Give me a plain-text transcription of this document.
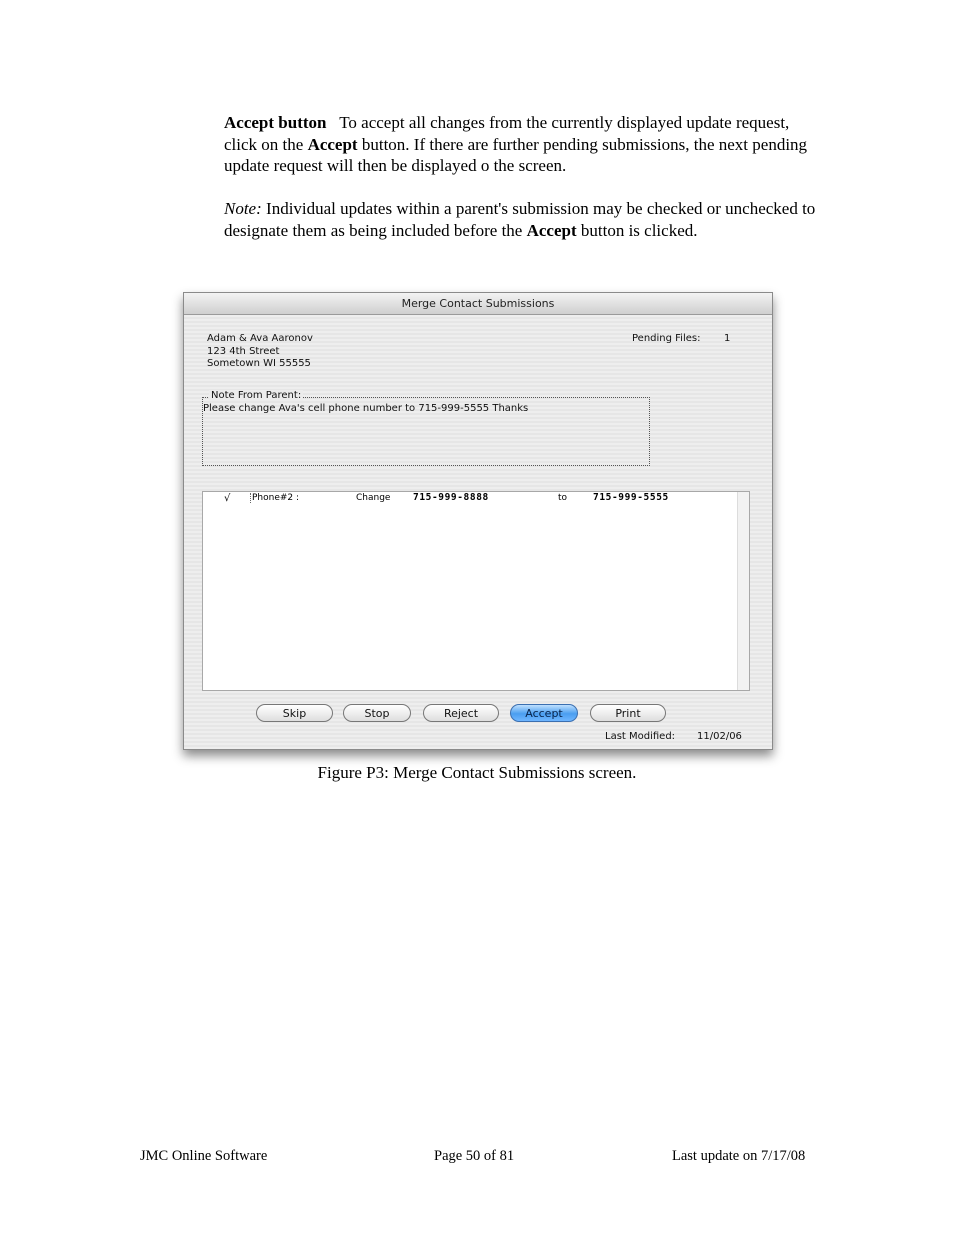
Accept button To accept all changes from the currently displayed update request, click on the Accept button. If there are further pending submissions, the next pending update request will then be displayed o the screen.
Note: Individual updates within a parent's submission may be checked or unchecked to designate them as being included before the Accept button is clicked.
Merge Contact Submissions
Adam & Ava Aaronov
123 4th Street
Sometown WI 55555
Pending Files: 1
Note From Parent:
Please change Ava's cell phone number to 715-999-5555 Thanks
√ Phone#2 :	Change 715-999-8888	to	715-999-5555
Skip	Stop	Reject	Accept	Print
Last Modified: 11/02/06
Figure P3: Merge Contact Submissions screen.
JMC Online Software	Page 50 of 81	Last update on 7/17/08
